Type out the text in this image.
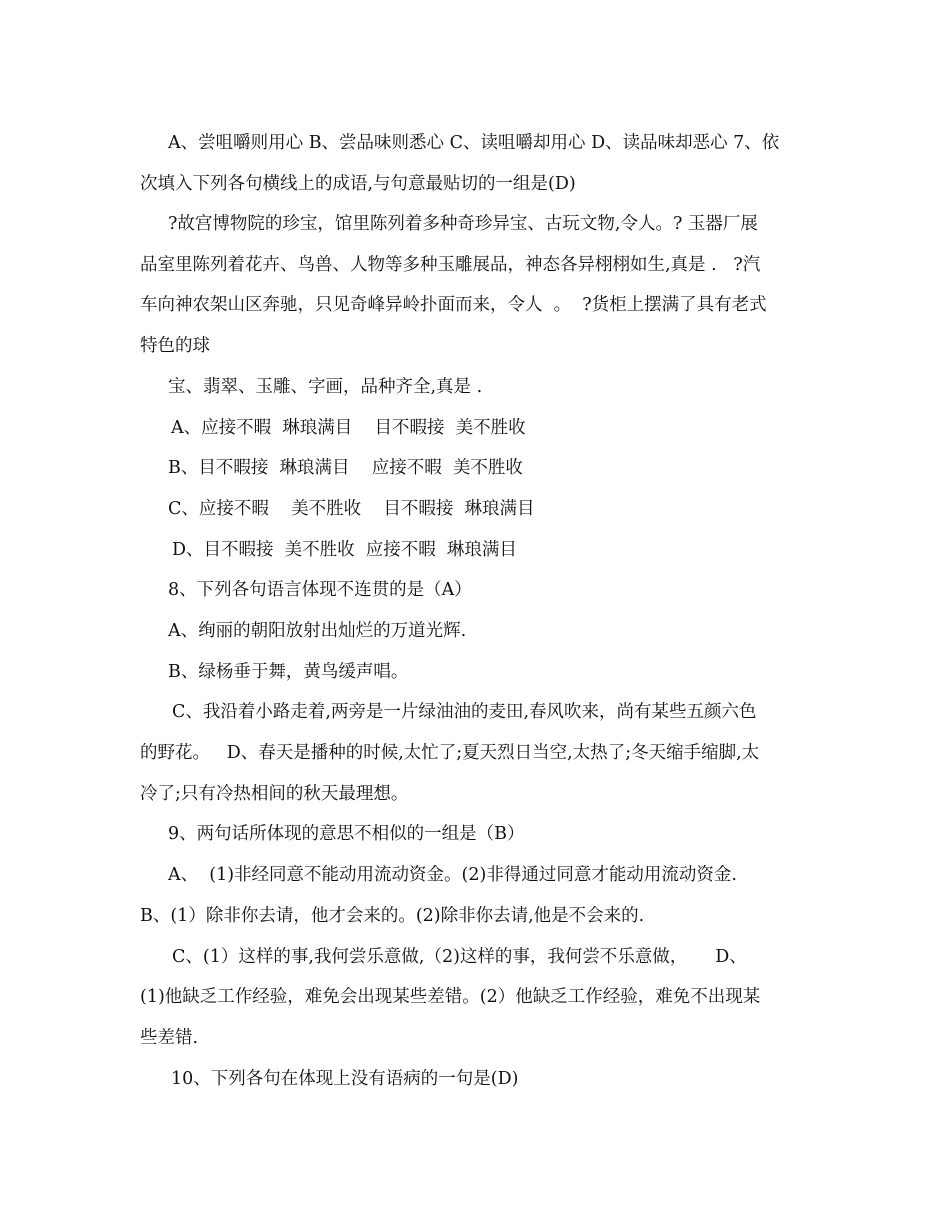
A、尝咀嚼则用心 B、尝品味则悉心 C、读咀嚼却用心 D、读品味却恶心 7、依
次填入下列各句横线上的成语,与句意最贴切的一组是(D)
?故宫博物院的珍宝，馆里陈列着多种奇珍异宝、古玩文物,令人。? 玉器厂展
品室里陈列着花卉、鸟兽、人物等多种玉雕展品，神态各异栩栩如生,真是 .   ?汽
车向神农架山区奔驰，只见奇峰异岭扑面而来，令人  。  ?货柜上摆满了具有老式
特色的球
宝、翡翠、玉雕、字画，品种齐全,真是 .
A、应接不暇  琳琅满目    目不暇接  美不胜收
B、目不暇接  琳琅满目    应接不暇  美不胜收
C、应接不暇    美不胜收    目不暇接  琳琅满目
D、目不暇接  美不胜收  应接不暇  琳琅满目
8、下列各句语言体现不连贯的是（A）
A、绚丽的朝阳放射出灿烂的万道光辉.
B、绿杨垂于舞，黄鸟缓声唱。
C、我沿着小路走着,两旁是一片绿油油的麦田,春风吹来，尚有某些五颜六色
的野花。   D、春天是播种的时候,太忙了;夏天烈日当空,太热了;冬天缩手缩脚,太
冷了;只有冷热相间的秋天最理想。
9、两句话所体现的意思不相似的一组是（B）
A、  (1)非经同意不能动用流动资金。(2)非得通过同意才能动用流动资金.
B、(1）除非你去请，他才会来的。(2)除非你去请,他是不会来的.
C、(1）这样的事,我何尝乐意做,（2)这样的事，我何尝不乐意做，     D、
(1)他缺乏工作经验，难免会出现某些差错。(2）他缺乏工作经验，难免不出现某
些差错.
10、下列各句在体现上没有语病的一句是(D)
